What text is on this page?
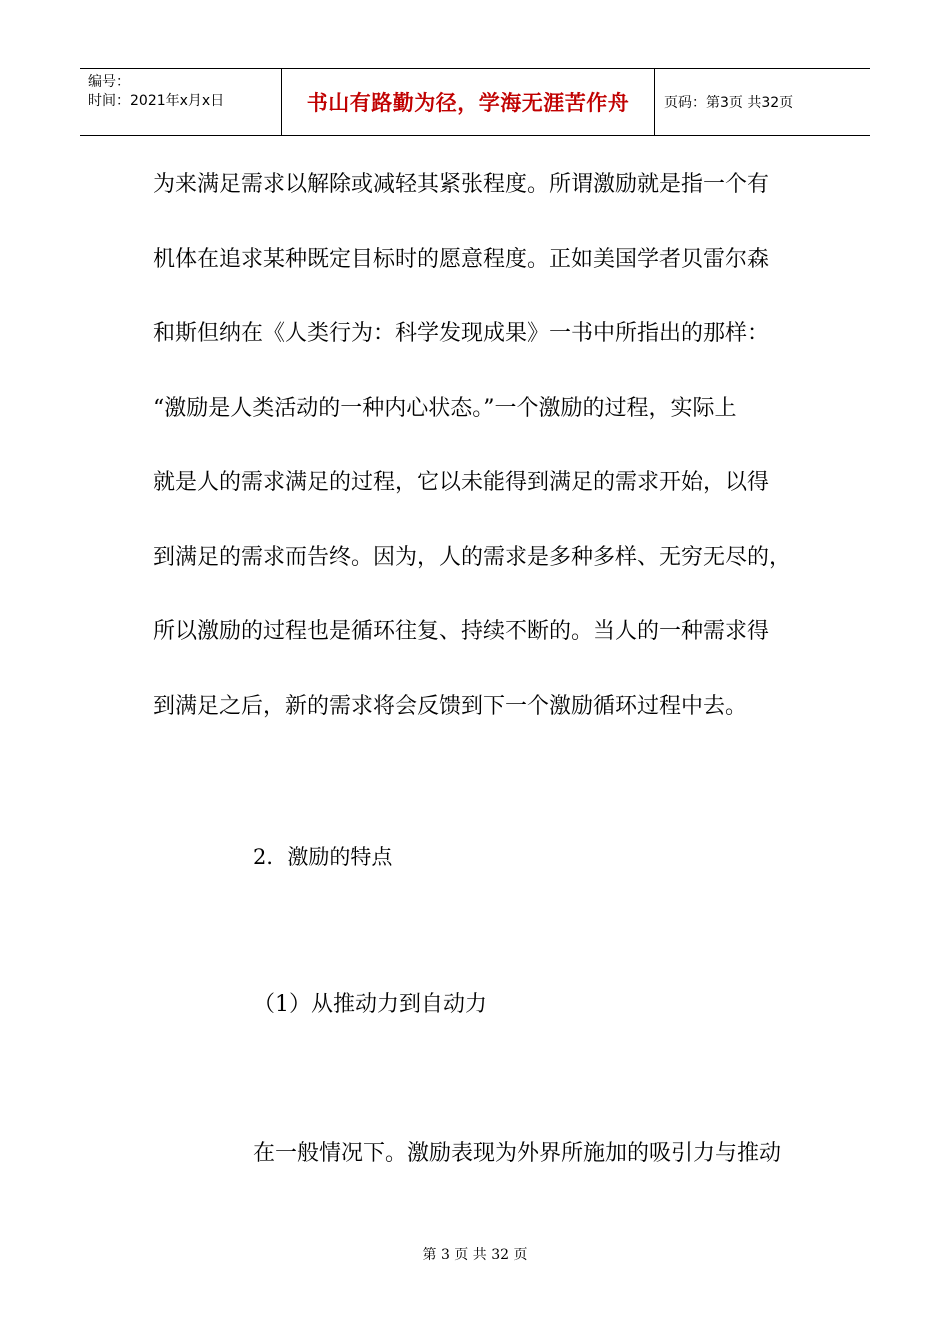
编号：
时间：2021年x月x日	书山有路勤为径，学海无涯苦作舟	页码：第3页 共32页

为来满足需求以解除或减轻其紧张程度。所谓激励就是指一个有

机体在追求某种既定目标时的愿意程度。正如美国学者贝雷尔森

和斯但纳在《人类行为：科学发现成果》一书中所指出的那样：

“激励是人类活动的一种内心状态。”一个激励的过程，实际上

就是人的需求满足的过程，它以未能得到满足的需求开始，以得

到满足的需求而告终。因为，人的需求是多种多样、无穷无尽的，

所以激励的过程也是循环往复、持续不断的。当人的一种需求得

到满足之后，新的需求将会反馈到下一个激励循环过程中去。

2．激励的特点

（1）从推动力到自动力

在一般情况下。激励表现为外界所施加的吸引力与推动

第 3 页 共 32 页
